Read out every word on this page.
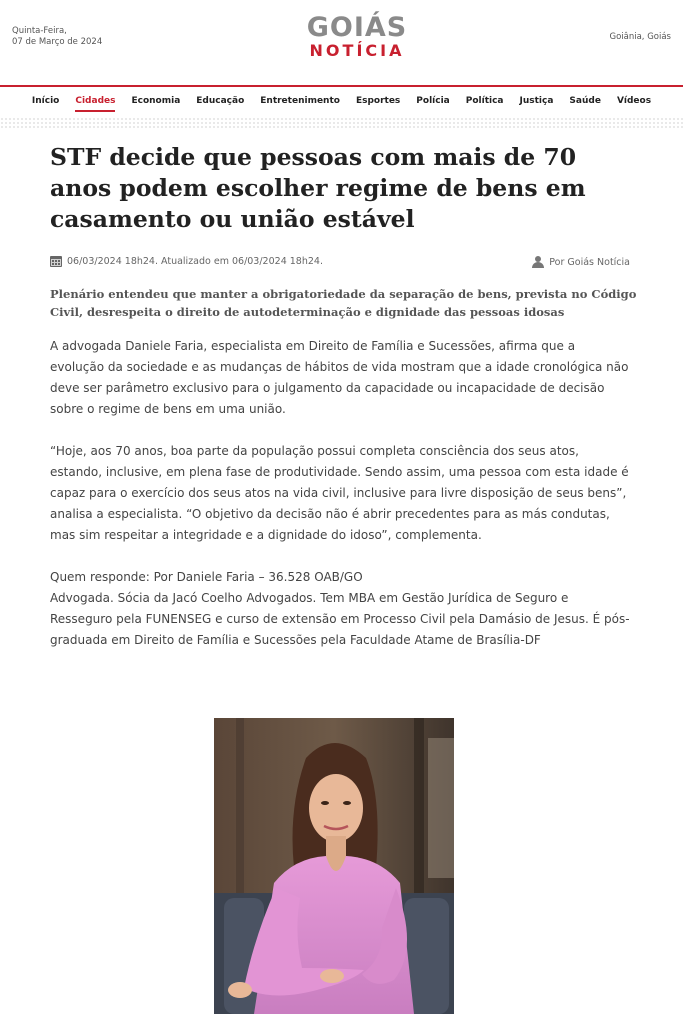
Quinta-Feira,
07 de Março de 2024	GOIÁS
NOTÍCIA
Goiânia, Goiás
Início	Cidades	Economia	Educação	Entretenimento	Esportes	Polícia	Política	Justiça	Saúde	Vídeos
STF decide que pessoas com mais de 70 anos podem escolher regime de bens em casamento ou união estável
06/03/2024 18h24. Atualizado em 06/03/2024 18h24.	Por Goiás Notícia
Plenário entendeu que manter a obrigatoriedade da separação de bens, prevista no Código Civil, desrespeita o direito de autodeterminação e dignidade das pessoas idosas

A advogada Daniele Faria, especialista em Direito de Família e Sucessões, afirma que a evolução da sociedade e as mudanças de hábitos de vida mostram que a idade cronológica não deve ser parâmetro exclusivo para o julgamento da capacidade ou incapacidade de decisão sobre o regime de bens em uma união.

“Hoje, aos 70 anos, boa parte da população possui completa consciência dos seus atos, estando, inclusive, em plena fase de produtividade. Sendo assim, uma pessoa com esta idade é capaz para o exercício dos seus atos na vida civil, inclusive para livre disposição de seus bens”, analisa a especialista. “O objetivo da decisão não é abrir precedentes para as más condutas, mas sim respeitar a integridade e a dignidade do idoso”, complementa.

Quem responde: Por Daniele Faria – 36.528 OAB/GO

Advogada. Sócia da Jacó Coelho Advogados. Tem MBA em Gestão Jurídica de Seguro e Resseguro pela FUNENSEG e curso de extensão em Processo Civil pela Damásio de Jesus. É pós-graduada em Direito de Família e Sucessões pela Faculdade Atame de Brasília-DF
